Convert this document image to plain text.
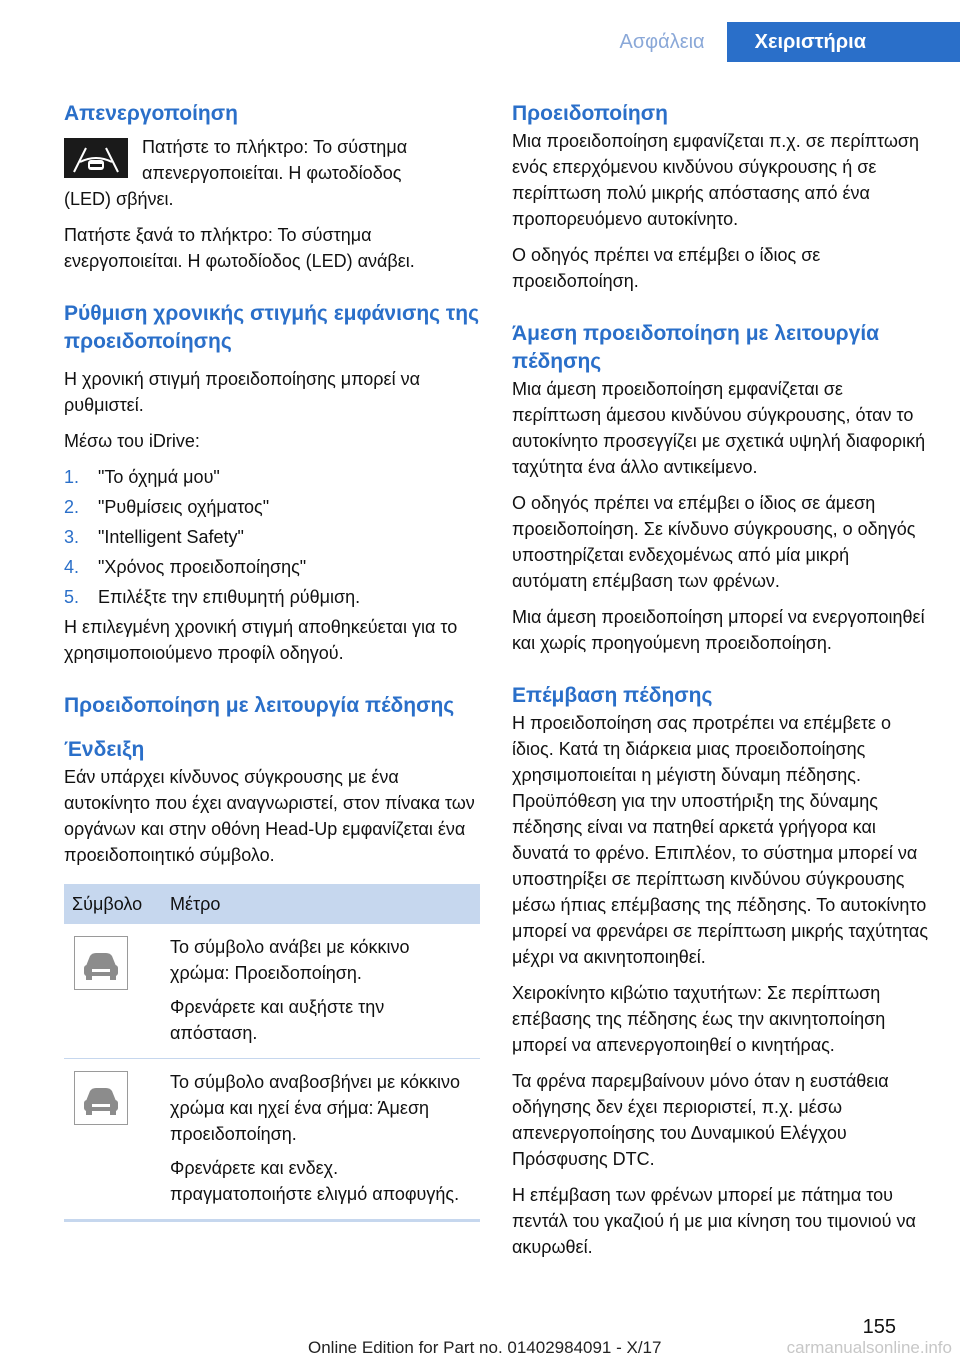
Ασφάλεια	Χειριστήρια
Απενεργοποίηση
Πατήστε το πλήκτρο: Το σύστημα απενεργοποιείται. Η φωτοδίοδος

(LED) σβήνει.

Πατήστε ξανά το πλήκτρο: Το σύστημα ενεργοποιείται. Η φωτοδίοδος (LED) ανάβει.

Ρύθμιση χρονικής στιγμής εμφάνισης της προειδοποίησης

Η χρονική στιγμή προειδοποίησης μπορεί να ρυθμιστεί.

Μέσω του iDrive:

1.	"Το όχημά μου"
2.	"Ρυθμίσεις οχήματος"
3.	"Intelligent Safety"
4.	"Χρόνος προειδοποίησης"
5.	Επιλέξτε την επιθυμητή ρύθμιση.

Η επιλεγμένη χρονική στιγμή αποθηκεύεται για το χρησιμοποιούμενο προφίλ οδηγού.

Προειδοποίηση με λειτουργία πέδησης
Ένδειξη

Εάν υπάρχει κίνδυνος σύγκρουσης με ένα αυτοκίνητο που έχει αναγνωριστεί, στον πίνακα των οργάνων και στην οθόνη Head-Up εμφανίζεται ένα προειδοποιητικό σύμβολο.

Σύμβολο	Μέτρο

Το σύμβολο ανάβει με κόκκινο χρώμα: Προειδοποίηση.
Φρενάρετε και αυξήστε την απόσταση.

Το σύμβολο αναβοσβήνει με κόκκινο χρώμα και ηχεί ένα σήμα: Άμεση προειδοποίηση.
Φρενάρετε και ενδεχ. πραγματοποιήστε ελιγμό αποφυγής.
Προειδοποίηση

Μια προειδοποίηση εμφανίζεται π.χ. σε περίπτωση ενός επερχόμενου κινδύνου σύγκρουσης ή σε περίπτωση πολύ μικρής απόστασης από ένα προπορευόμενο αυτοκίνητο.

Ο οδηγός πρέπει να επέμβει ο ίδιος σε προειδοποίηση.

Άμεση προειδοποίηση με λειτουργία πέδησης

Μια άμεση προειδοποίηση εμφανίζεται σε περίπτωση άμεσου κινδύνου σύγκρουσης, όταν το αυτοκίνητο προσεγγίζει με σχετικά υψηλή διαφορική ταχύτητα ένα άλλο αντικείμενο.

Ο οδηγός πρέπει να επέμβει ο ίδιος σε άμεση προειδοποίηση. Σε κίνδυνο σύγκρουσης, ο οδηγός υποστηρίζεται ενδεχομένως από μία μικρή αυτόματη επέμβαση των φρένων.

Μια άμεση προειδοποίηση μπορεί να ενεργοποιηθεί και χωρίς προηγούμενη προειδοποίηση.

Επέμβαση πέδησης

Η προειδοποίηση σας προτρέπει να επέμβετε ο ίδιος. Κατά τη διάρκεια μιας προειδοποίησης χρησιμοποιείται η μέγιστη δύναμη πέδησης. Προϋπόθεση για την υποστήριξη της δύναμης πέδησης είναι να πατηθεί αρκετά γρήγορα και δυνατά το φρένο. Επιπλέον, το σύστημα μπορεί να υποστηρίξει σε περίπτωση κινδύνου σύγκρουσης μέσω ήπιας επέμβασης της πέδησης. Το αυτοκίνητο μπορεί να φρενάρει σε περίπτωση μικρής ταχύτητας μέχρι να ακινητοποιηθεί.

Χειροκίνητο κιβώτιο ταχυτήτων: Σε περίπτωση επέβασης της πέδησης έως την ακινητοποίηση μπορεί να απενεργοποιηθεί ο κινητήρας.

Τα φρένα παρεμβαίνουν μόνο όταν η ευστάθεια οδήγησης δεν έχει περιοριστεί, π.χ. μέσω απενεργοποίησης του Δυναμικού Ελέγχου Πρόσφυσης DTC.

Η επέμβαση των φρένων μπορεί με πάτημα του πεντάλ του γκαζιού ή με μια κίνηση του τιμονιού να ακυρωθεί.

155
Online Edition for Part no. 01402984091 - X/17	carmanualsonline.info
